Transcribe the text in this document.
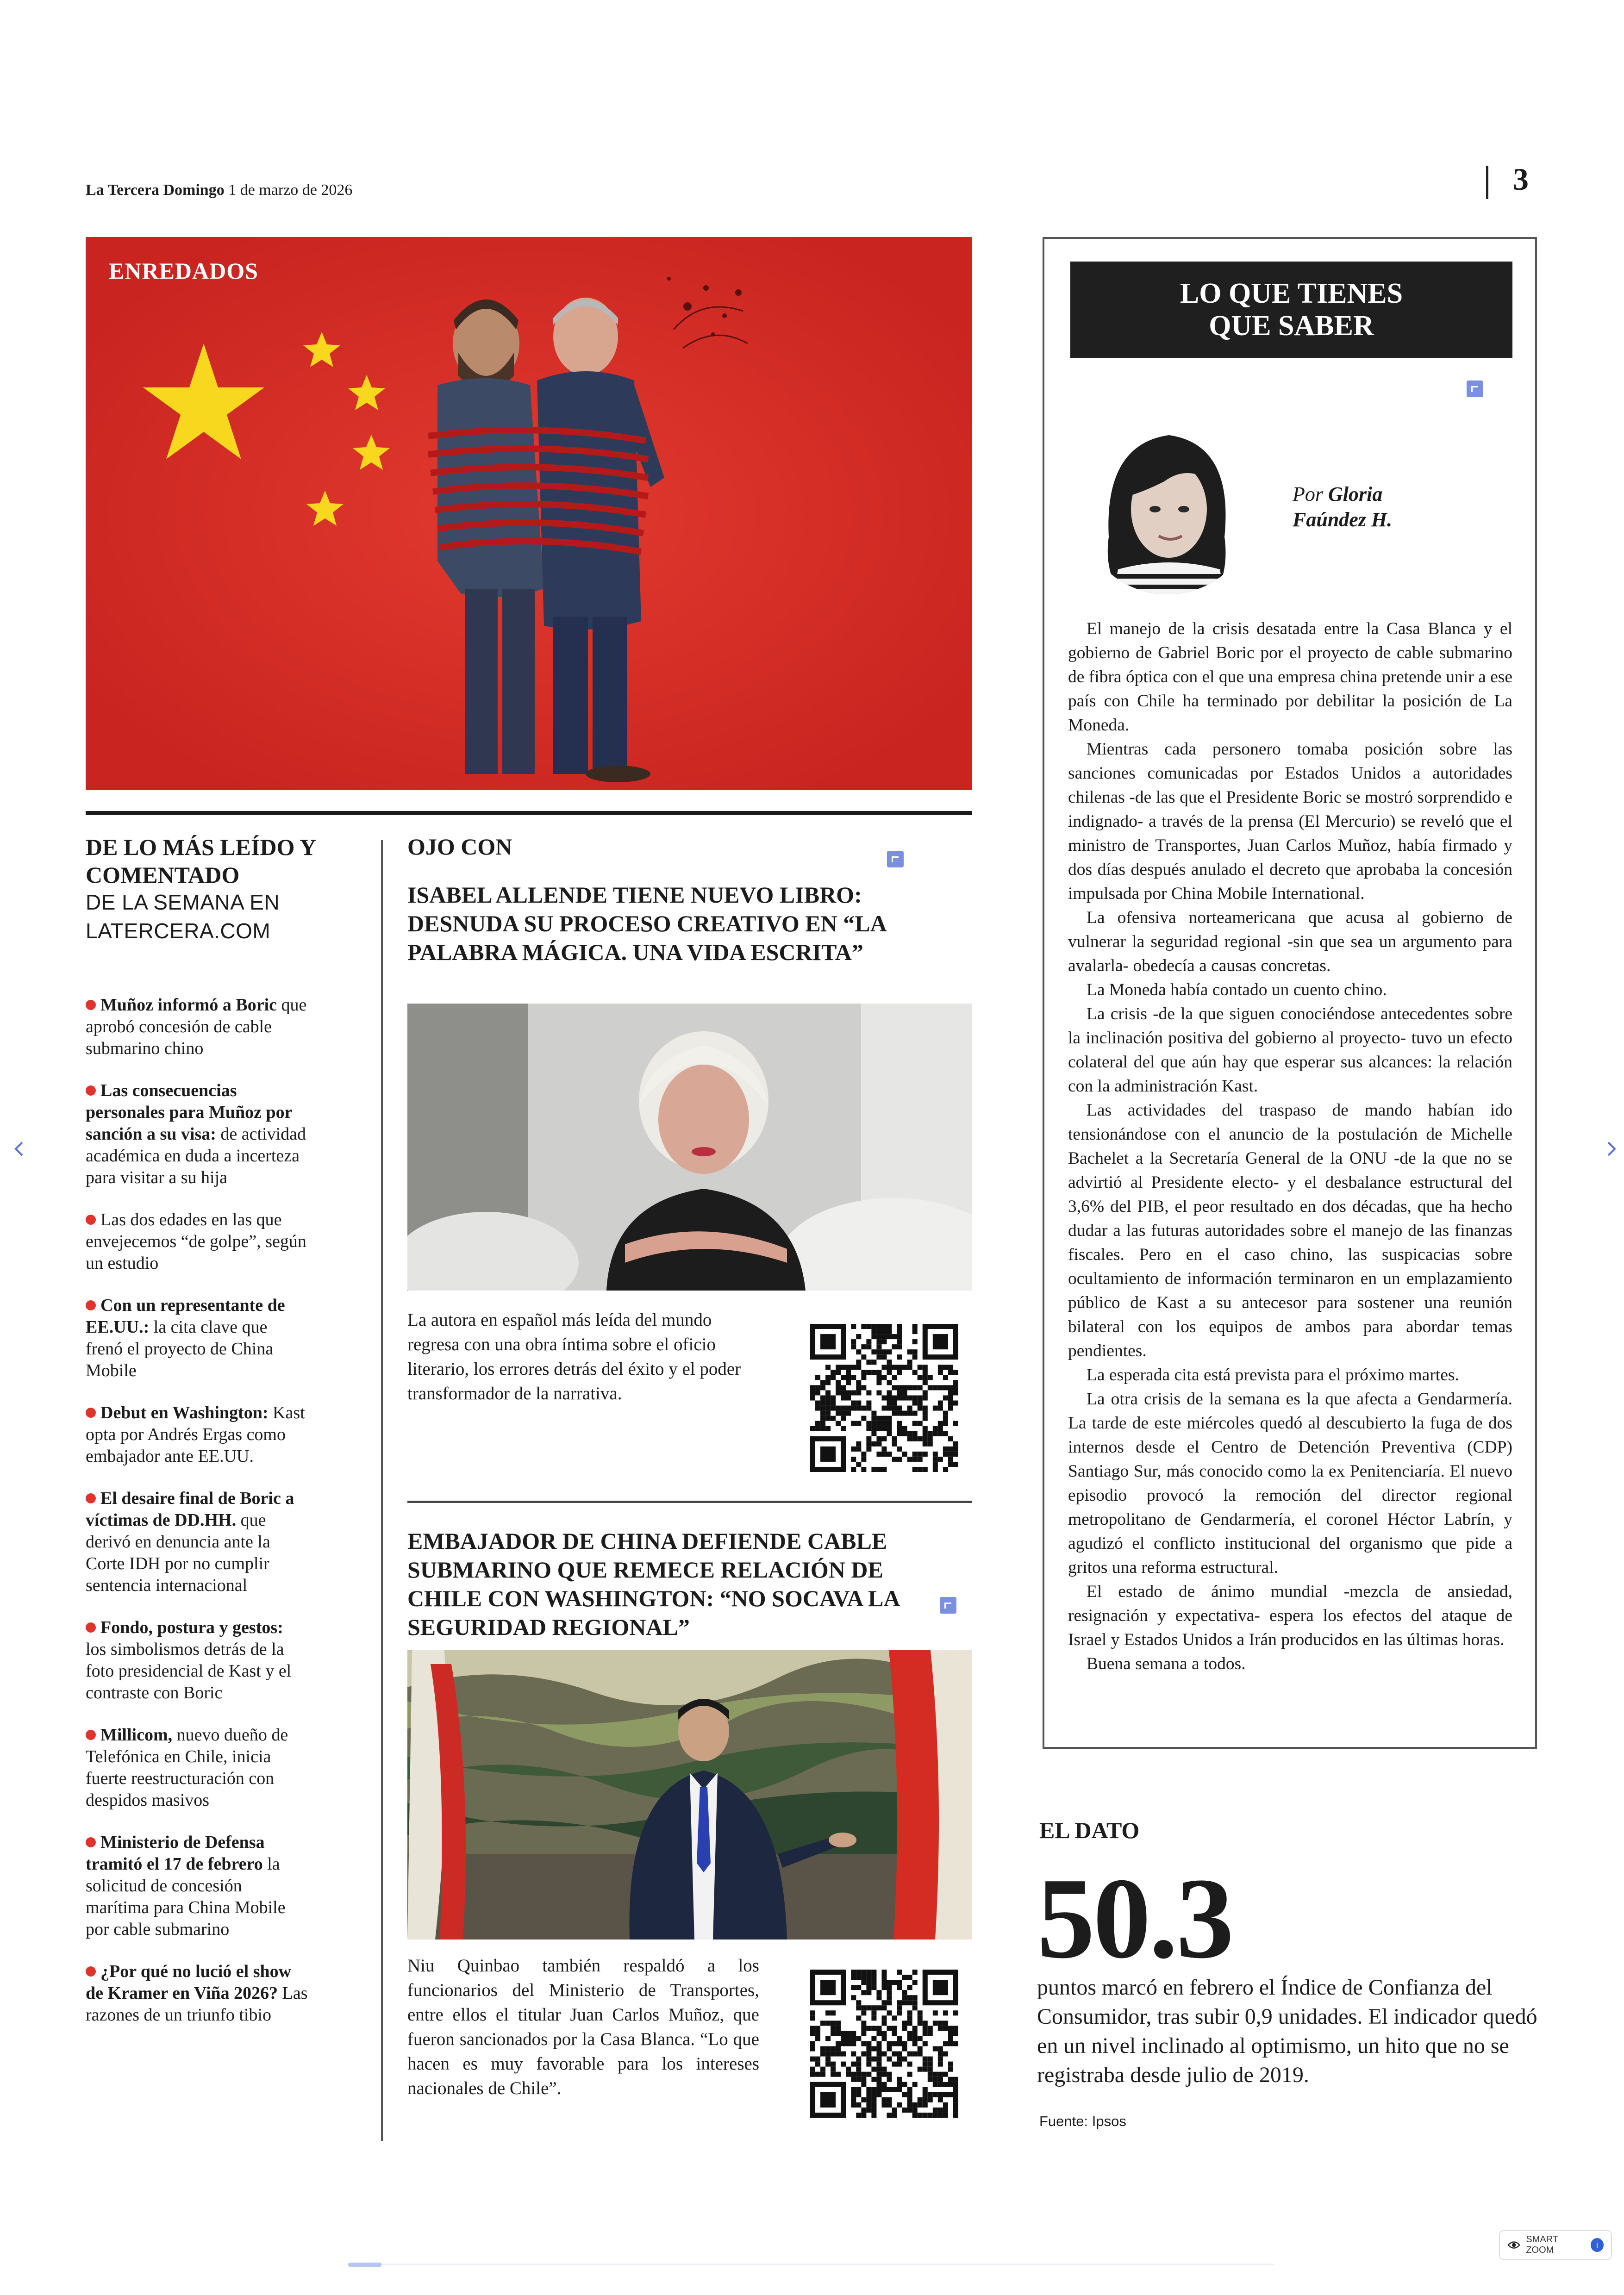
La Tercera Domingo 1 de marzo de 2026	3
ENREDADOS
DE LO MÁS LEÍDO Y COMENTADO
DE LA SEMANA EN
LATERCERA.COM
Muñoz informó a Boric que aprobó concesión de cable submarino chino
Las consecuencias personales para Muñoz por sanción a su visa: de actividad académica en duda a incerteza para visitar a su hija
Las dos edades en las que envejecemos “de golpe”, según un estudio
Con un representante de EE.UU.: la cita clave que frenó el proyecto de China Mobile
Debut en Washington: Kast opta por Andrés Ergas como embajador ante EE.UU.
El desaire final de Boric a víctimas de DD.HH. que derivó en denuncia ante la Corte IDH por no cumplir sentencia internacional
Fondo, postura y gestos: los simbolismos detrás de la foto presidencial de Kast y el contraste con Boric
Millicom, nuevo dueño de Telefónica en Chile, inicia fuerte reestructuración con despidos masivos
Ministerio de Defensa tramitó el 17 de febrero la solicitud de concesión marítima para China Mobile por cable submarino
¿Por qué no lució el show de Kramer en Viña 2026? Las razones de un triunfo tibio
OJO CON
ISABEL ALLENDE TIENE NUEVO LIBRO: DESNUDA SU PROCESO CREATIVO EN “LA PALABRA MÁGICA. UNA VIDA ESCRITA”
La autora en español más leída del mundo regresa con una obra íntima sobre el oficio literario, los errores detrás del éxito y el poder transformador de la narrativa.
EMBAJADOR DE CHINA DEFIENDE CABLE SUBMARINO QUE REMECE RELACIÓN DE CHILE CON WASHINGTON: “NO SOCAVA LA SEGURIDAD REGIONAL”
Niu Quinbao también respaldó a los funcionarios del Ministerio de Transportes, entre ellos el titular Juan Carlos Muñoz, que fueron sancionados por la Casa Blanca. “Lo que hacen es muy favorable para los intereses nacionales de Chile”.
LO QUE TIENES
QUE SABER
Por Gloria
Faúndez H.

El manejo de la crisis desatada entre la Casa Blanca y el gobierno de Gabriel Boric por el proyecto de cable submarino de fibra óptica con el que una empresa china pretende unir a ese país con Chile ha terminado por debilitar la posición de La Moneda.

Mientras cada personero tomaba posición sobre las sanciones comunicadas por Estados Unidos a autoridades chilenas -de las que el Presidente Boric se mostró sorprendido e indignado- a través de la prensa (El Mercurio) se reveló que el ministro de Transportes, Juan Carlos Muñoz, había firmado y dos días después anulado el decreto que aprobaba la concesión impulsada por China Mobile International.

La ofensiva norteamericana que acusa al gobierno de vulnerar la seguridad regional -sin que sea un argumento para avalarla- obedecía a causas concretas.

La Moneda había contado un cuento chino.

La crisis -de la que siguen conociéndose antecedentes sobre la inclinación positiva del gobierno al proyecto- tuvo un efecto colateral del que aún hay que esperar sus alcances: la relación con la administración Kast.

Las actividades del traspaso de mando habían ido tensionándose con el anuncio de la postulación de Michelle Bachelet a la Secretaría General de la ONU -de la que no se advirtió al Presidente electo- y el desbalance estructural del 3,6% del PIB, el peor resultado en dos décadas, que ha hecho dudar a las futuras autoridades sobre el manejo de las finanzas fiscales. Pero en el caso chino, las suspicacias sobre ocultamiento de información terminaron en un emplazamiento público de Kast a su antecesor para sostener una reunión bilateral con los equipos de ambos para abordar temas pendientes.

La esperada cita está prevista para el próximo martes.

La otra crisis de la semana es la que afecta a Gendarmería. La tarde de este miércoles quedó al descubierto la fuga de dos internos desde el Centro de Detención Preventiva (CDP) Santiago Sur, más conocido como la ex Penitenciaría. El nuevo episodio provocó la remoción del director regional metropolitano de Gendarmería, el coronel Héctor Labrín, y agudizó el conflicto institucional del organismo que pide a gritos una reforma estructural.

El estado de ánimo mundial -mezcla de ansiedad, resignación y expectativa- espera los efectos del ataque de Israel y Estados Unidos a Irán producidos en las últimas horas.

Buena semana a todos.

EL DATO
50.3
puntos marcó en febrero el Índice de Confianza del Consumidor, tras subir 0,9 unidades. El indicador quedó en un nivel inclinado al optimismo, un hito que no se registraba desde julio de 2019.
Fuente: Ipsos
SMART ZOOM
i
